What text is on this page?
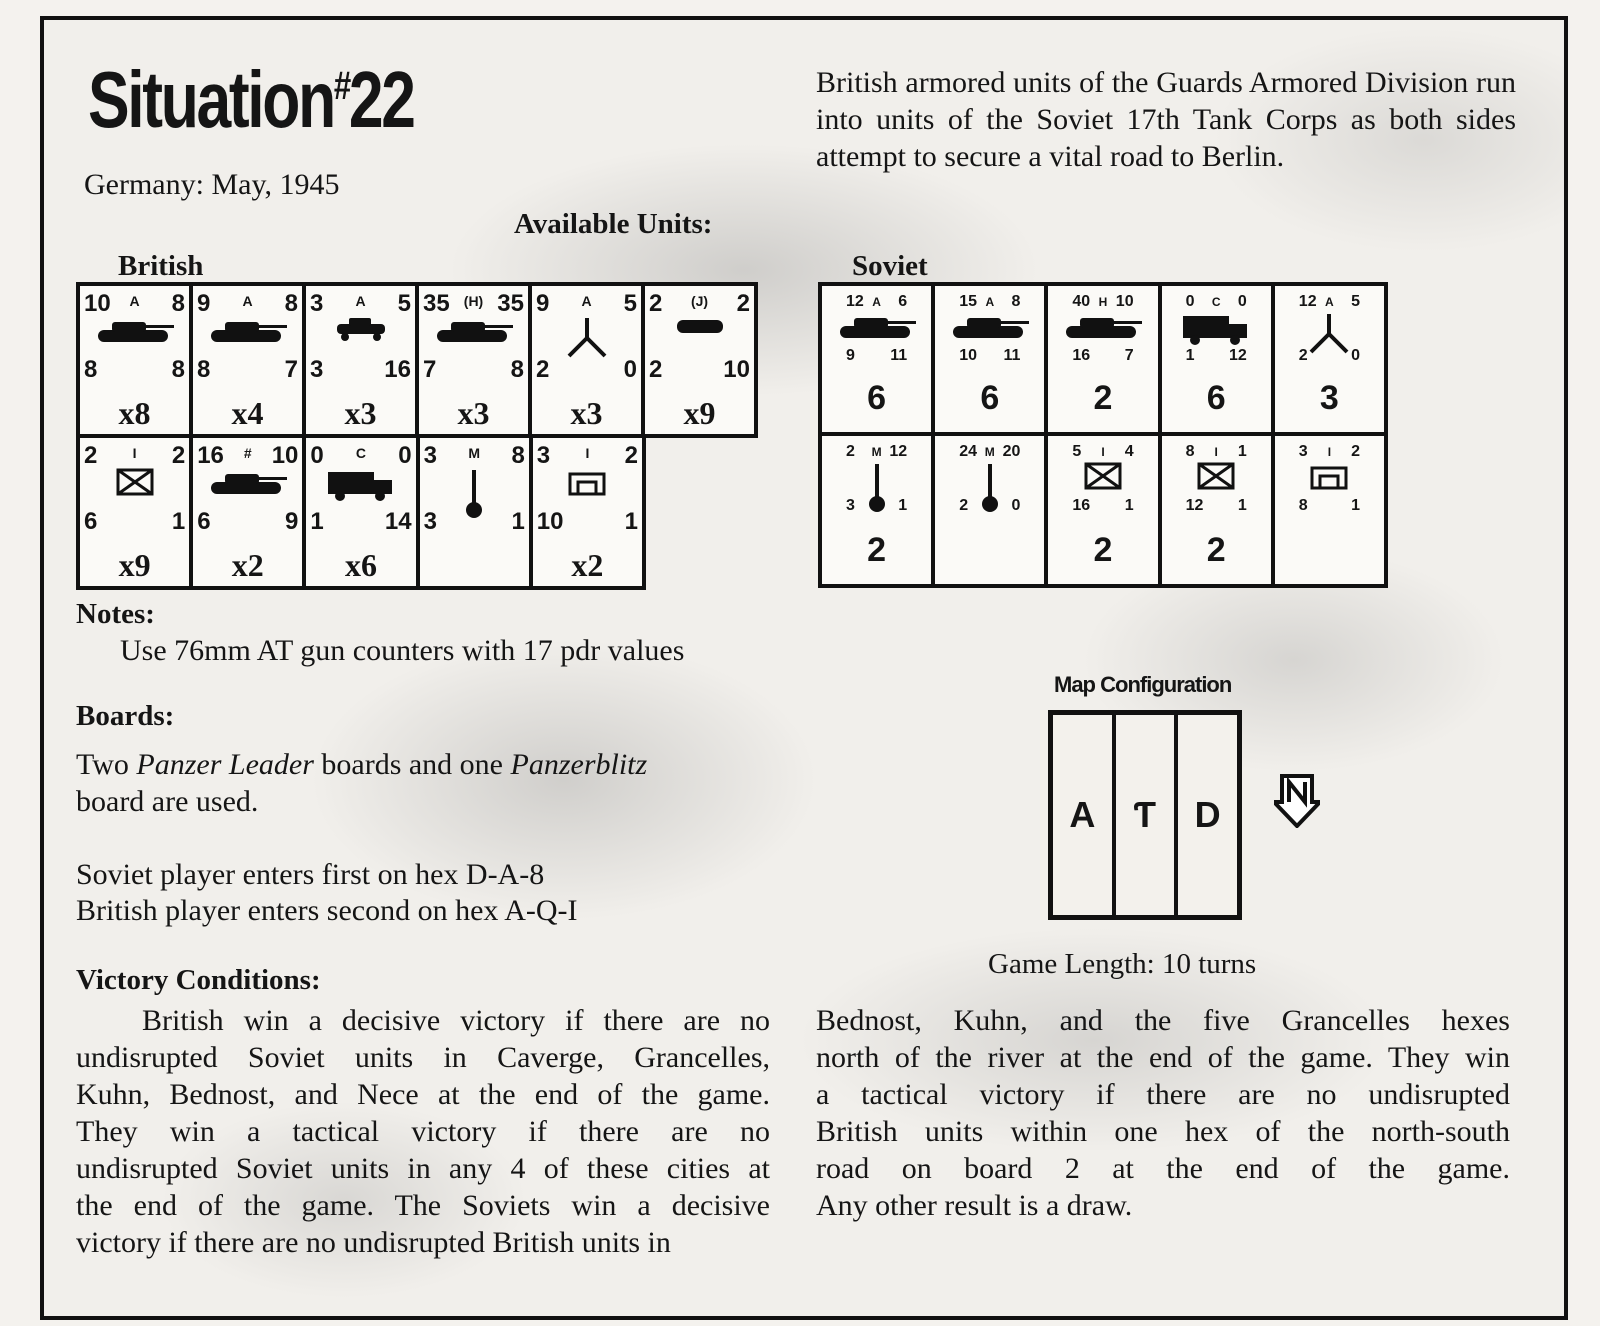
Situation#22
Germany: May, 1945
Available Units:
British armored units of the Guards Armored Division run into units of the Soviet 17th Tank Corps as both sides attempt to secure a vital road to Berlin.
British	Soviet
10	A	8
8	8
x8
9	A	8
8	7
x4
3	A	5
3	16
x3
35	(H) 35
7	8
x3
9	A	5
2	0
x3
2	(J)	2
2	10
x9
2	I	2
6	1
x9
16	# 10
6	9
x2
0	C	0
1	14
x6
3	M	8
3	1
3	I	2
10	1
x2
12 A	6
9 11
6
15 A	8
10 11
6
40 H 10
16 7
2
0	C	0
1 12
6
12 A	5
2	0
3
2	M 12
3	1
2
24 M 20
2	0
5	I	4
16 1
2
8	I	1
12 1
2
3	I	2
8	1
Notes:
Use 76mm AT gun counters with 17 pdr values
Boards:
Two Panzer Leader boards and one Panzerblitz
board are used.
Soviet player enters first on hex D-A-8
British player enters second on hex A-Q-I
Map Configuration
A	Ƭ	D
Game Length: 10 turns
Victory Conditions:
British win a decisive victory if there are no
undisrupted Soviet units in Caverge, Grancelles,
Kuhn, Bednost, and Nece at the end of the game.
They win a tactical victory if there are no
undisrupted Soviet units in any 4 of these cities at
the end of the game. The Soviets win a decisive
victory if there are no undisrupted British units in
Bednost, Kuhn, and the five Grancelles hexes
north of the river at the end of the game. They win
a tactical victory if there are no undisrupted
British units within one hex of the north-south
road on board 2 at the end of the game.
Any other result is a draw.
